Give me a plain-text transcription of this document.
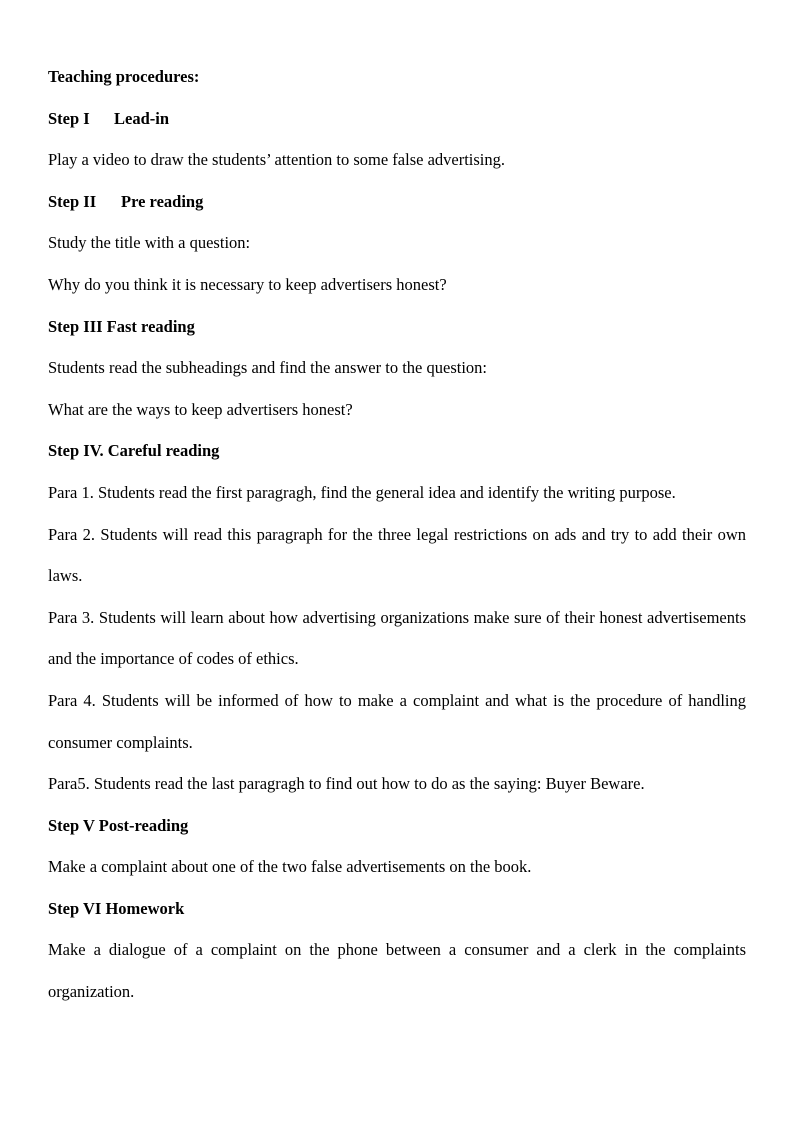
Teaching procedures:

Step I Lead-in

Play a video to draw the students’ attention to some false advertising.

Step II Pre reading

Study the title with a question:

Why do you think it is necessary to keep advertisers honest?

Step III Fast reading

Students read the subheadings and find the answer to the question:

What are the ways to keep advertisers honest?

Step IV. Careful reading

Para 1. Students read the first paragragh, find the general idea and identify the writing purpose.

Para 2. Students will read this paragraph for the three legal restrictions on ads and try to add their own laws.

Para 3. Students will learn about how advertising organizations make sure of their honest advertisements and the importance of codes of ethics.

Para 4. Students will be informed of how to make a complaint and what is the procedure of handling consumer complaints.

Para5. Students read the last paragragh to find out how to do as the saying: Buyer Beware.

Step V Post-reading

Make a complaint about one of the two false advertisements on the book.

Step VI Homework

Make a dialogue of a complaint on the phone between a consumer and a clerk in the complaints organization.
